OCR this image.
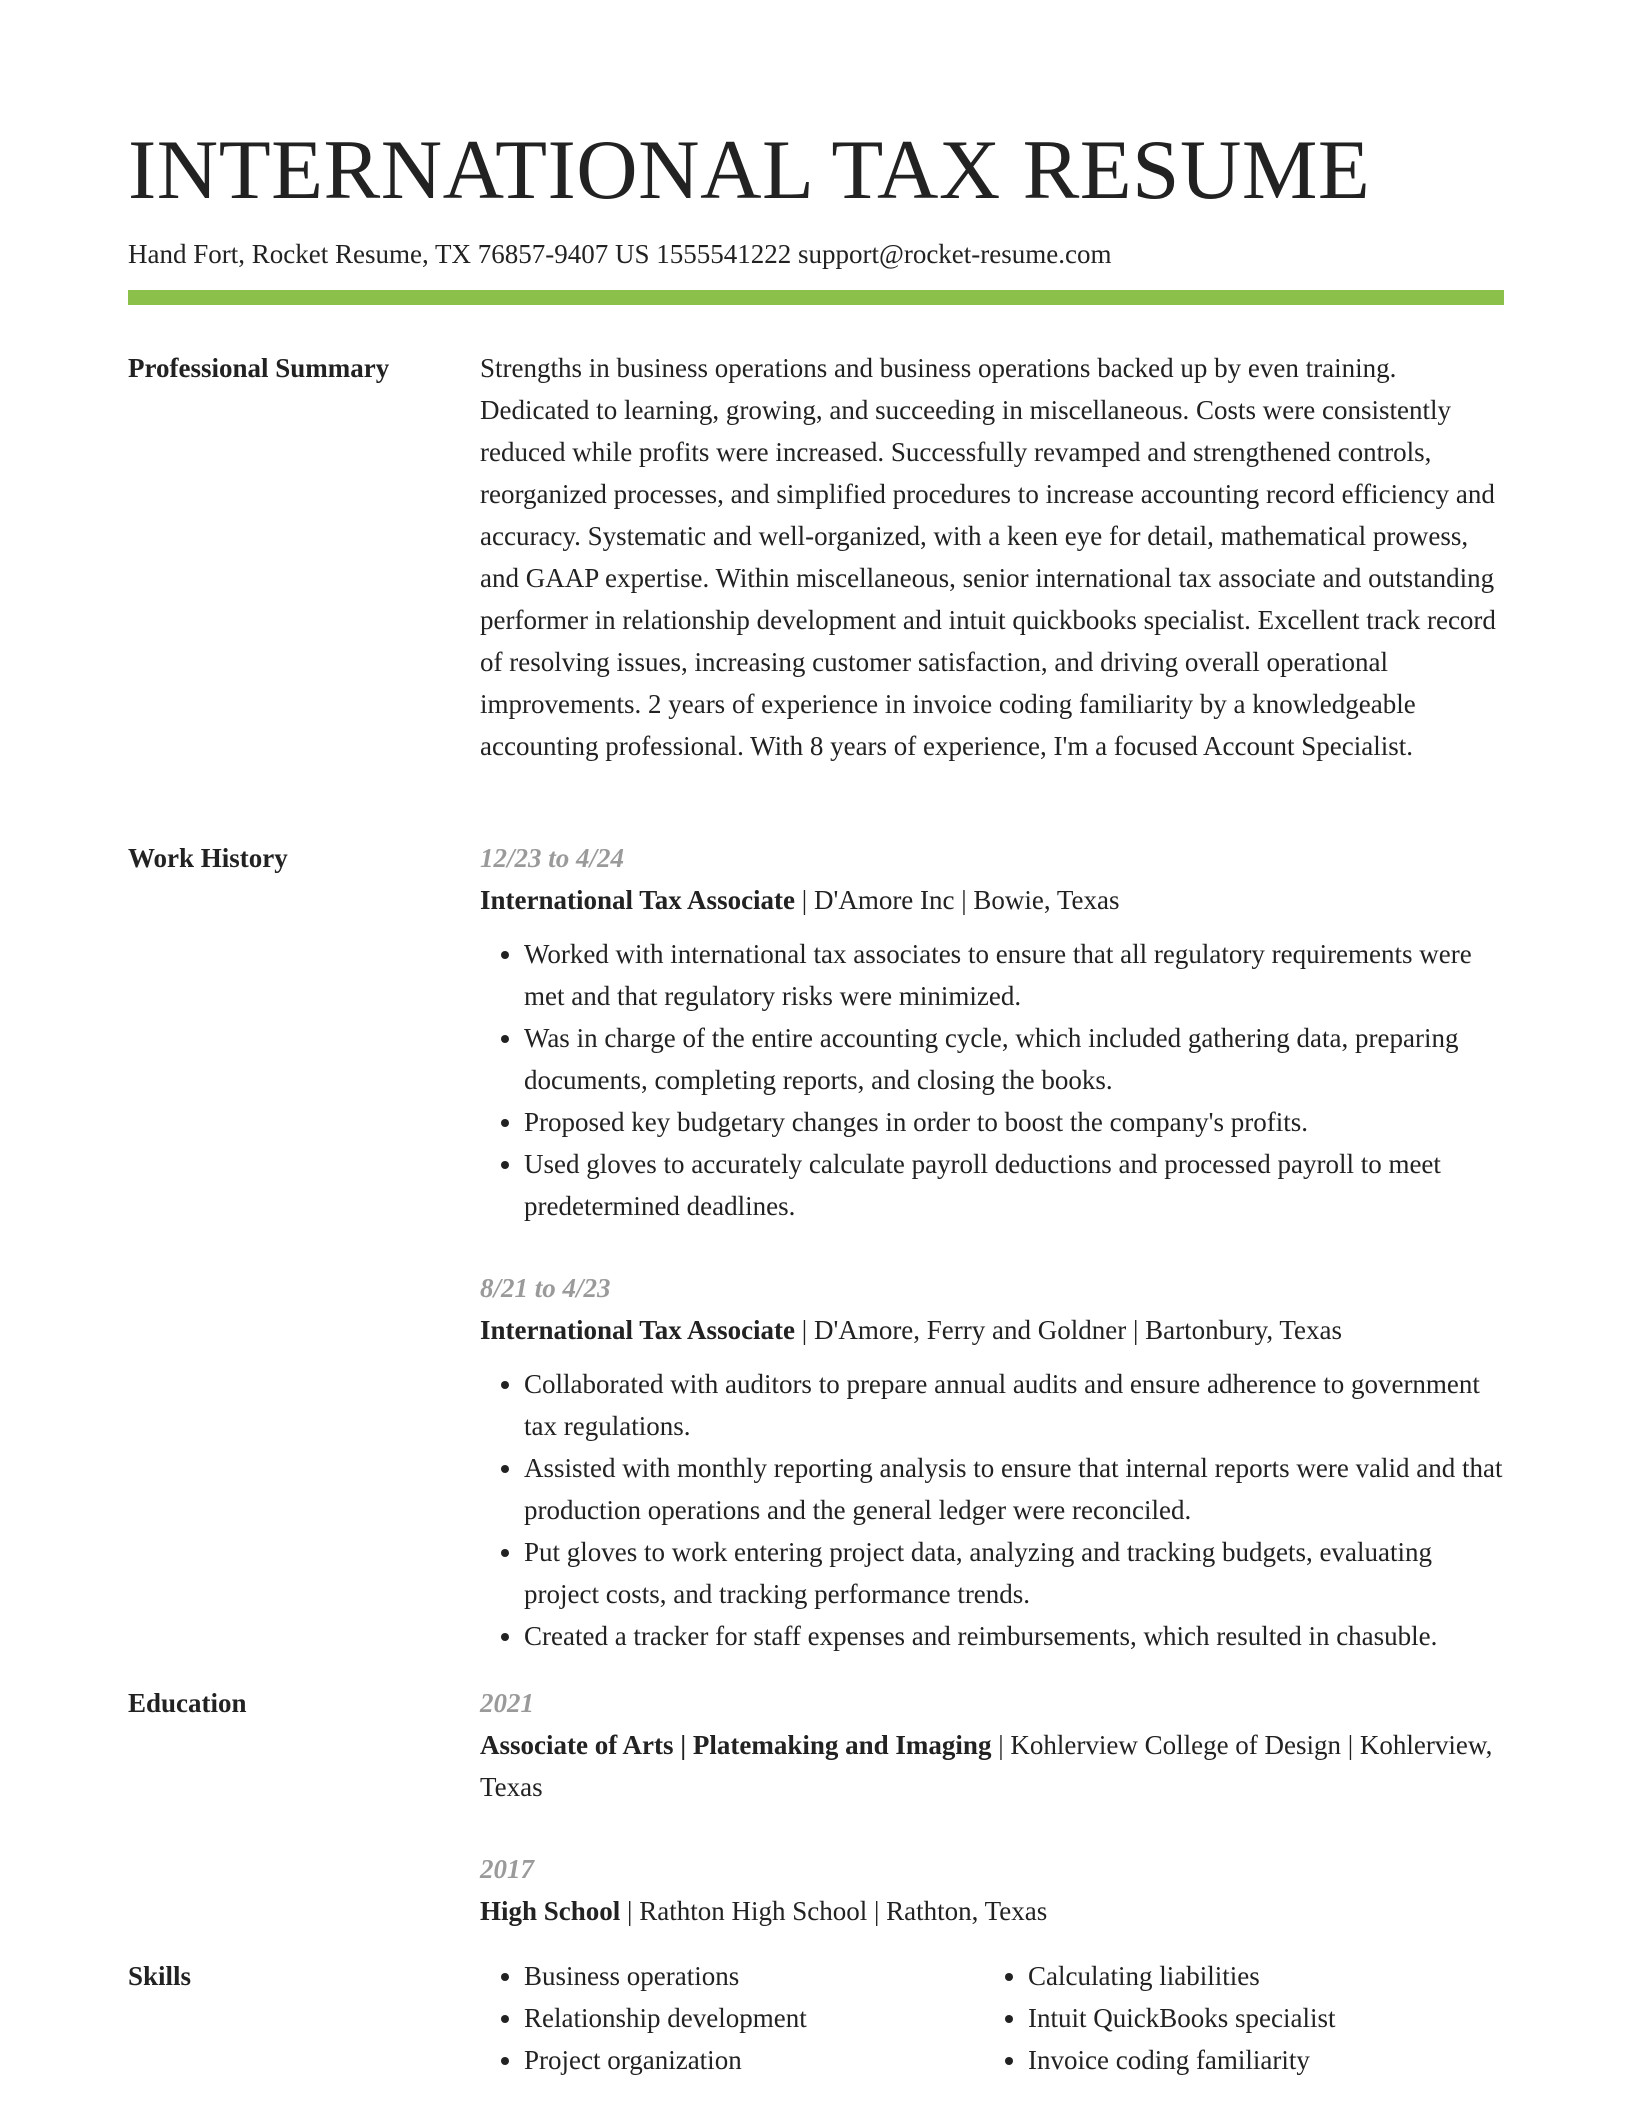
INTERNATIONAL TAX RESUME
Hand Fort, Rocket Resume, TX 76857-9407 US 1555541222 support@rocket-resume.com
Professional Summary	Strengths in business operations and business operations backed up by even training. Dedicated to learning, growing, and succeeding in miscellaneous. Costs were consistently reduced while profits were increased. Successfully revamped and strengthened controls, reorganized processes, and simplified procedures to increase accounting record efficiency and accuracy. Systematic and well-organized, with a keen eye for detail, mathematical prowess, and GAAP expertise. Within miscellaneous, senior international tax associate and outstanding performer in relationship development and intuit quickbooks specialist. Excellent track record of resolving issues, increasing customer satisfaction, and driving overall operational improvements. 2 years of experience in invoice coding familiarity by a knowledgeable accounting professional. With 8 years of experience, I'm a focused Account Specialist.

Work History	12/23 to 4/24
International Tax Associate | D'Amore Inc | Bowie, Texas
• Worked with international tax associates to ensure that all regulatory requirements were met and that regulatory risks were minimized.
• Was in charge of the entire accounting cycle, which included gathering data, preparing documents, completing reports, and closing the books.
• Proposed key budgetary changes in order to boost the company's profits.
• Used gloves to accurately calculate payroll deductions and processed payroll to meet predetermined deadlines.
8/21 to 4/23
International Tax Associate | D'Amore, Ferry and Goldner | Bartonbury, Texas
• Collaborated with auditors to prepare annual audits and ensure adherence to government tax regulations.
• Assisted with monthly reporting analysis to ensure that internal reports were valid and that production operations and the general ledger were reconciled.
• Put gloves to work entering project data, analyzing and tracking budgets, evaluating project costs, and tracking performance trends.
• Created a tracker for staff expenses and reimbursements, which resulted in chasuble.
Education	2021
Associate of Arts | Platemaking and Imaging | Kohlerview College of Design | Kohlerview, Texas
2017
High School | Rathton High School | Rathton, Texas
Skills
•	Business operations
• Relationship development
• Project organization
• Calculating liabilities
• Intuit QuickBooks specialist
• Invoice coding familiarity
